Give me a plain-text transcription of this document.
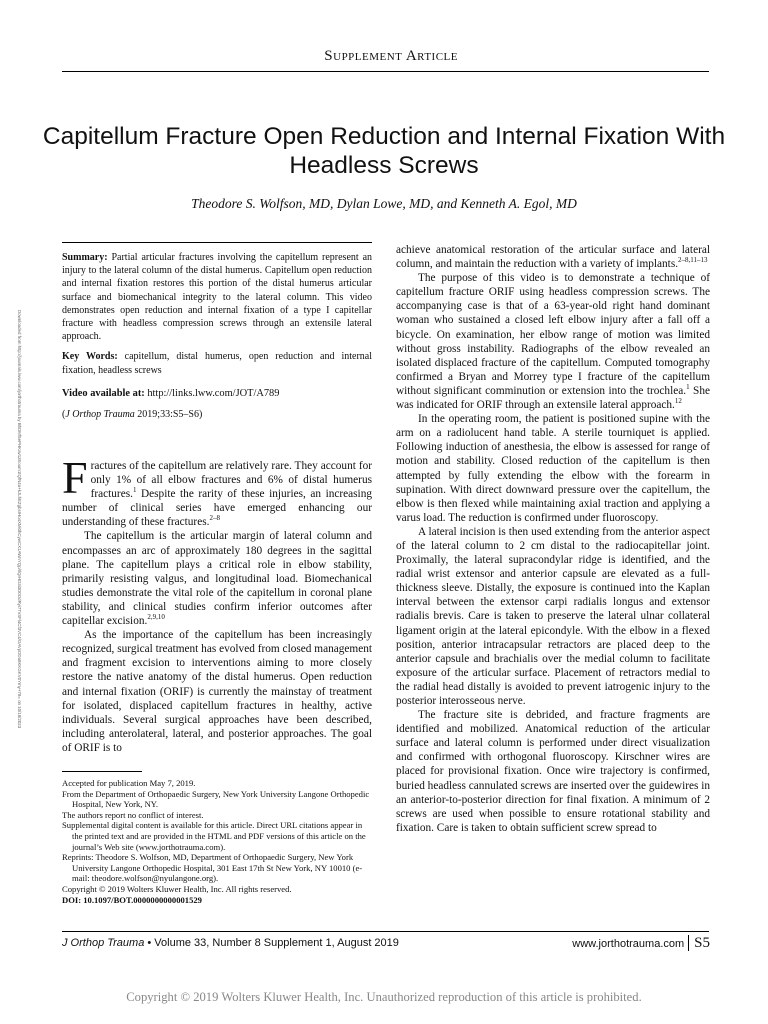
Supplement Article
Downloaded from http://journals.lww.com/jorthotrauma by BhDMf5ePHKav1zEoum1tQfN4a+kJLhEZgbsIHo4XMi0hCywCX1AWnYQp/IlQrHD3i3D0OdRyi7TvSFl4Cf3VC4/OAVpDDa8KKGKV0Ymy+78= on 10/18/2023
Capitellum Fracture Open Reduction and Internal Fixation With Headless Screws
Theodore S. Wolfson, MD, Dylan Lowe, MD, and Kenneth A. Egol, MD

Summary: Partial articular fractures involving the capitellum represent an injury to the lateral column of the distal humerus. Capitellum open reduction and internal fixation restores this portion of the distal humerus articular surface and biomechanical integrity to the lateral column. This video demonstrates open reduction and internal fixation of a type I capitellar fracture with headless compression screws through an extensile lateral approach.

Key Words: capitellum, distal humerus, open reduction and internal fixation, headless screws

Video available at: http://links.lww.com/JOT/A789

(J Orthop Trauma 2019;33:S5–S6)

Fractures of the capitellum are relatively rare. They account for only 1% of all elbow fractures and 6% of distal humerus fractures.$^1$ Despite the rarity of these injuries, an increasing number of clinical series have emerged enhancing our understanding of these fractures.$^{2-8}$

The capitellum is the articular margin of lateral column and encompasses an arc of approximately 180 degrees in the sagittal plane. The capitellum plays a critical role in elbow stability, primarily resisting valgus, and longitudinal load. Biomechanical studies demonstrate the vital role of the capitellum in coronal plane stability, and clinical studies confirm inferior outcomes after capitellar excision.$^{2,9,10}$

As the importance of the capitellum has been increasingly recognized, surgical treatment has evolved from closed management and fragment excision to interventions aiming to more closely restore the native anatomy of the distal humerus. Open reduction and internal fixation (ORIF) is currently the mainstay of treatment for isolated, displaced capitellum fractures in healthy, active individuals. Several surgical approaches have been described, including anterolateral, lateral, and posterior approaches. The goal of ORIF is to

Accepted for publication May 7, 2019.

From the Department of Orthopaedic Surgery, New York University Langone Orthopedic Hospital, New York, NY.

The authors report no conflict of interest.

Supplemental digital content is available for this article. Direct URL citations appear in the printed text and are provided in the HTML and PDF versions of this article on the journal’s Web site (www.jorthotrauma.com).

Reprints: Theodore S. Wolfson, MD, Department of Orthopaedic Surgery, New York University Langone Orthopedic Hospital, 301 East 17th St New York, NY 10010 (e-mail: theodore.wolfson@nyulangone.org).

Copyright © 2019 Wolters Kluwer Health, Inc. All rights reserved.

DOI: 10.1097/BOT.0000000000001529

achieve anatomical restoration of the articular surface and lateral column, and maintain the reduction with a variety of implants.$^{2-8,11-13}$

The purpose of this video is to demonstrate a technique of capitellum fracture ORIF using headless compression screws. The accompanying case is that of a 63-year-old right hand dominant woman who sustained a closed left elbow injury after a fall off a bicycle. On examination, her elbow range of motion was limited without gross instability. Radiographs of the elbow revealed an isolated displaced fracture of the capitellum. Computed tomography confirmed a Bryan and Morrey type I fracture of the capitellum without significant comminution or extension into the trochlea.$^1$ She was indicated for ORIF through an extensile lateral approach.$^{12}$

In the operating room, the patient is positioned supine with the arm on a radiolucent hand table. A sterile tourniquet is applied. Following induction of anesthesia, the elbow is assessed for range of motion and stability. Closed reduction of the capitellum is then attempted by fully extending the elbow with the forearm in supination. With direct downward pressure over the capitellum, the elbow is then flexed while maintaining axial traction and applying a varus load. The reduction is confirmed under fluoroscopy.

A lateral incision is then used extending from the anterior aspect of the lateral column to 2 cm distal to the radiocapitellar joint. Proximally, the lateral supracondylar ridge is identified, and the radial wrist extensor and anterior capsule are elevated as a full-thickness sleeve. Distally, the exposure is continued into the Kaplan interval between the extensor carpi radialis longus and extensor radialis brevis. Care is taken to preserve the lateral ulnar collateral ligament origin at the lateral epicondyle. With the elbow in a flexed position, anterior intracapsular retractors are placed deep to the anterior capsule and brachialis over the medial column to facilitate exposure of the articular surface. Placement of retractors medial to the radial head distally is avoided to prevent iatrogenic injury to the posterior interosseous nerve.

The fracture site is debrided, and fracture fragments are identified and mobilized. Anatomical reduction of the articular surface and lateral column is performed under direct visualization and confirmed with orthogonal fluoroscopy. Kirschner wires are placed for provisional fixation. Once wire trajectory is confirmed, buried headless cannulated screws are inserted over the guidewires in an anterior-to-posterior direction for final fixation. A minimum of 2 screws are used when possible to ensure rotational stability and fixation. Care is taken to obtain sufficient screw spread to

J Orthop Trauma • Volume 33, Number 8 Supplement 1, August 2019	www.jorthotrauma.com S5
Copyright © 2019 Wolters Kluwer Health, Inc. Unauthorized reproduction of this article is prohibited.
